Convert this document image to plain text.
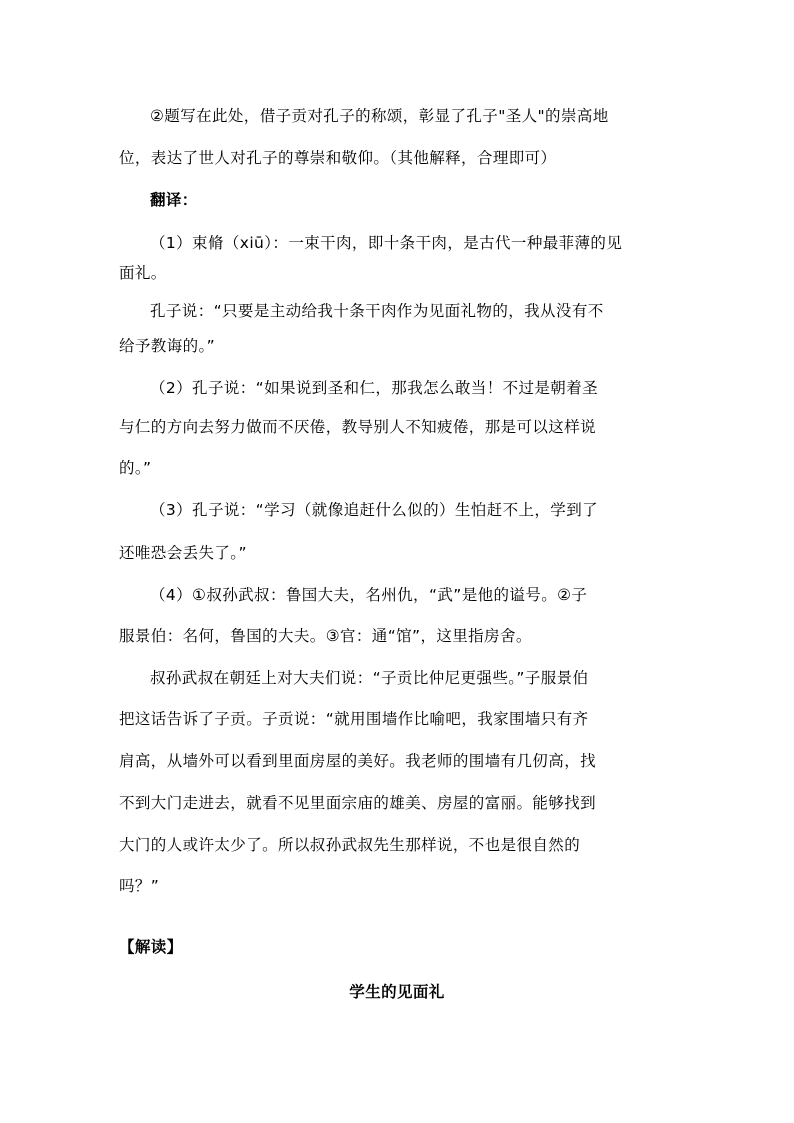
②题写在此处，借子贡对孔子的称颂，彰显了孔子"圣人"的崇高地
位，表达了世人对孔子的尊崇和敬仰。（其他解释，合理即可）
翻译：
（1）束脩（xiū）：一束干肉，即十条干肉，是古代一种最菲薄的见
面礼。
孔子说：“只要是主动给我十条干肉作为见面礼物的，我从没有不
给予教诲的。”
（2）孔子说：“如果说到圣和仁，那我怎么敢当！不过是朝着圣
与仁的方向去努力做而不厌倦，教导别人不知疲倦，那是可以这样说
的。”
（3）孔子说：“学习（就像追赶什么似的）生怕赶不上，学到了
还唯恐会丢失了。”
（4）①叔孙武叔：鲁国大夫，名州仇，“武”是他的谥号。②子
服景伯：名何，鲁国的大夫。③官：通“馆”，这里指房舍。
叔孙武叔在朝廷上对大夫们说：“子贡比仲尼更强些。”子服景伯
把这话告诉了子贡。子贡说：“就用围墙作比喻吧，我家围墙只有齐
肩高，从墙外可以看到里面房屋的美好。我老师的围墙有几仞高，找
不到大门走进去，就看不见里面宗庙的雄美、房屋的富丽。能够找到
大门的人或许太少了。所以叔孙武叔先生那样说，不也是很自然的
吗？”
【解读】
学生的见面礼
